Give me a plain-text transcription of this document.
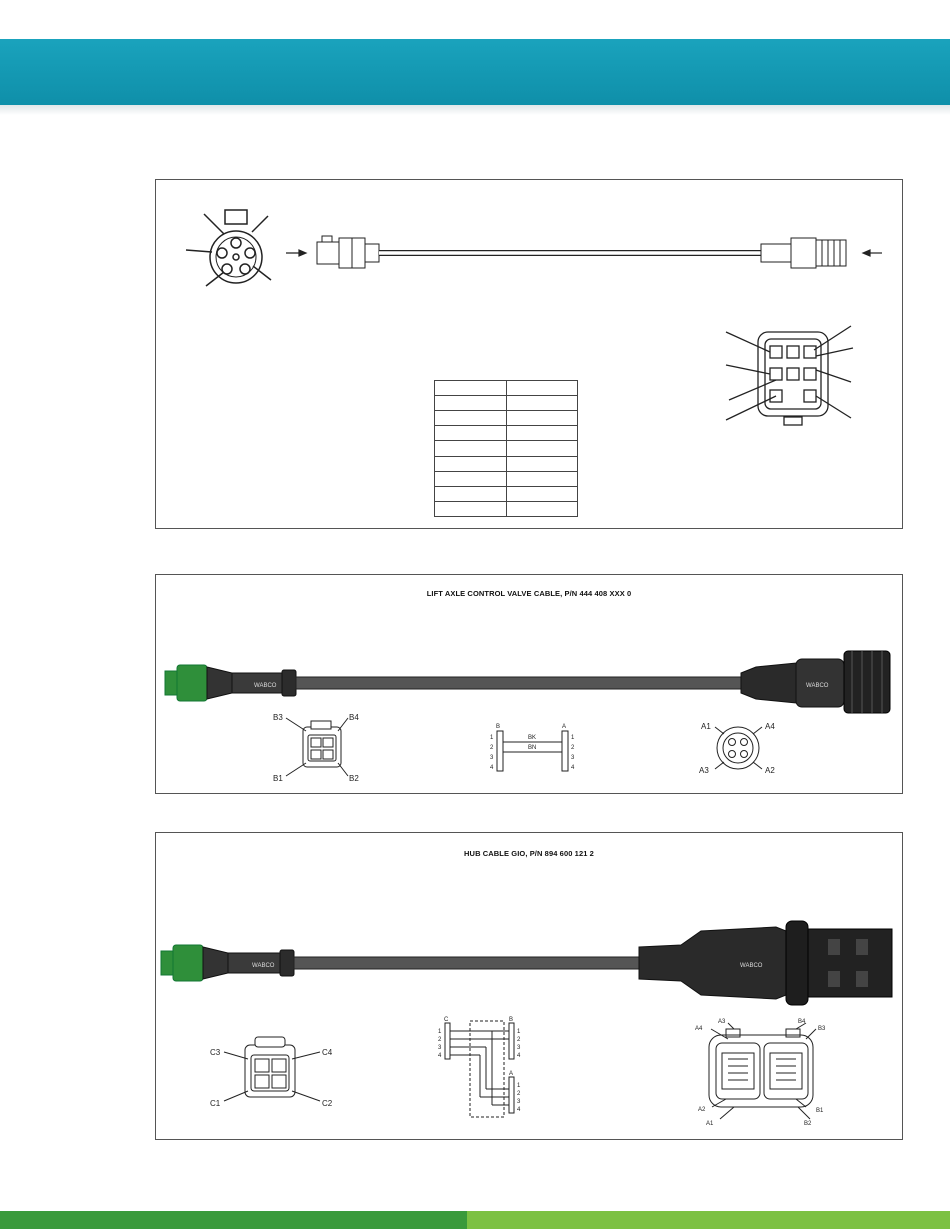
LIFT AXLE CONTROL VALVE CABLE, P/N 444 408 XXX 0
WABCO	WABCO
B3	B4
B1	B2
B	A
BK
BN
1
2
3
4
1
2
3
4
A1	A4
A3	A2
HUB CABLE GIO, P/N 894 600 121 2
WABCO	WABCO
C3	C4
C1	C2
C	B
A
1
2
3
4
1
2
3
4
1
2
3
4
A4
A3	B4
B3
A2
A1
B1
B2
